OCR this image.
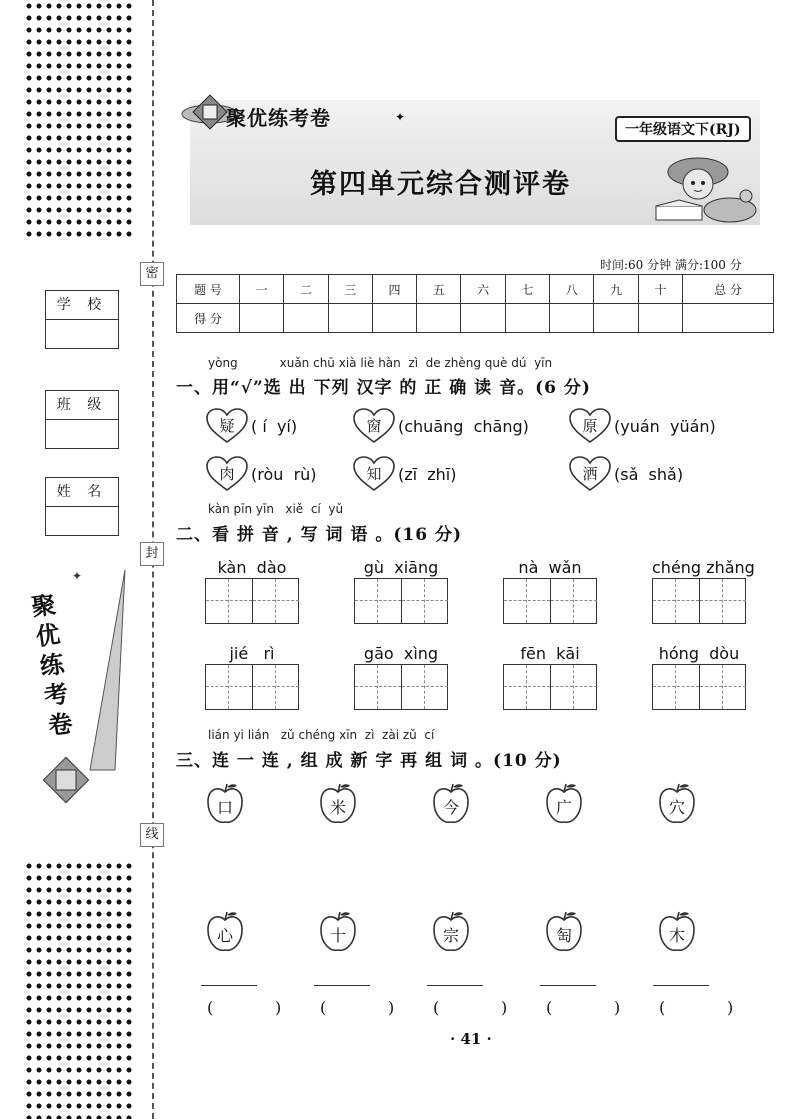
密
封
线
学 校
班 级
姓 名
✦
聚优练考卷
聚优练考卷	✦
一年级语文下(RJ)
第四单元综合测评卷
时间:60 分钟 满分:100 分
题 号	一	二	三	四	五	六	七	八	九	十	总 分
得 分											
yòng           xuǎn chū xià liè hàn  zì  de zhèng què dú  yīn
一、用“√”选 出 下列 汉字 的 正 确 读 音。(6 分)
疑	( í  yí)	窗	(chuāng  chāng)	原	(yuán  yüán)
肉	(ròu  rù)	知	(zī  zhī)	洒	(sǎ  shǎ)
kàn pīn yīn   xiě  cí  yǔ
二、看 拼 音 , 写 词 语 。(16 分)
kàn  dào	gù  xiāng	nà  wǎn	chéng zhǎng
jié   rì	gāo  xìng	fēn  kāi	hóng  dòu
lián yi lián   zǔ chéng xīn  zì  zài zǔ  cí
三、连 一 连 , 组 成 新 字 再 组 词 。(10 分)
口	米	今	广	穴
心	十	宗	匋	木
(	) (	) (	) (	) (	)
· 41 ·
